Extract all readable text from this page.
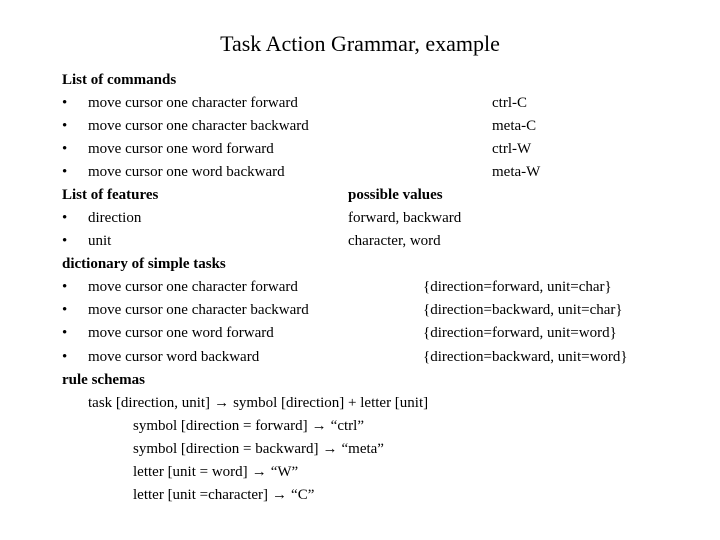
Task Action Grammar, example
List of commands
• move cursor one character forward	ctrl-C
• move cursor one character backward	meta-C
• move cursor one word forward	ctrl-W
• move cursor one word backward	meta-W
List of features	possible values
• direction	forward, backward
• unit	character, word
dictionary of simple tasks
• move cursor one character forward	{direction=forward, unit=char}
• move cursor one character backward	{direction=backward, unit=char}
• move cursor one word forward	{direction=forward, unit=word}
• move cursor word backward	{direction=backward, unit=word}
rule schemas
task [direction, unit] → symbol [direction] + letter [unit]
symbol [direction = forward] → “ctrl”
symbol [direction = backward] → “meta”
letter [unit = word] → “W”
letter [unit =character] → “C”
